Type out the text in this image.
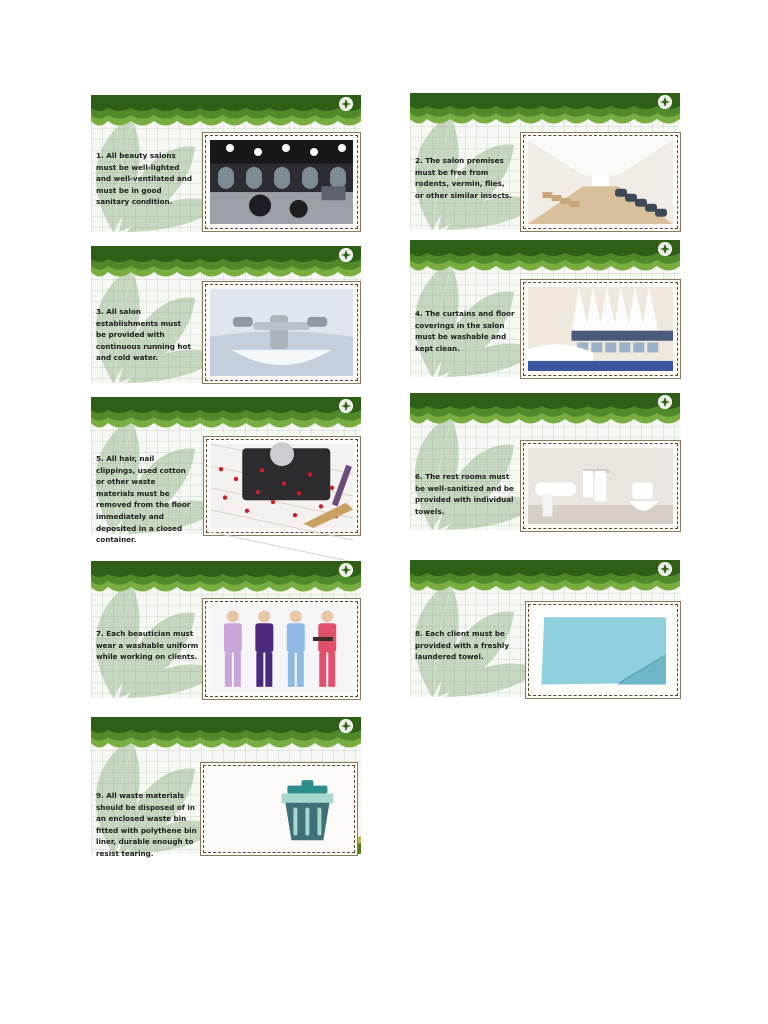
1. All beauty salons must be well-lighted and well-ventilated and must be in good sanitary condition.

2. The salon premises must be free from rodents, vermin, flies, or other similar insects.

3. All salon establishments must be provided with continuous running hot and cold water.

4. The curtains and floor coverings in the salon must be washable and kept clean.

5. All hair, nail clippings, used cotton or other waste materials must be removed from the floor immediately and deposited in a closed container.

6. The rest rooms must be well-sanitized and be provided with individual towels.

7. Each beautician must wear a washable uniform while working on clients.

8. Each client must be provided with a freshly laundered towel.

9. All waste materials should be disposed of in an enclosed waste bin fitted with polythene bin liner, durable enough to resist tearing.
